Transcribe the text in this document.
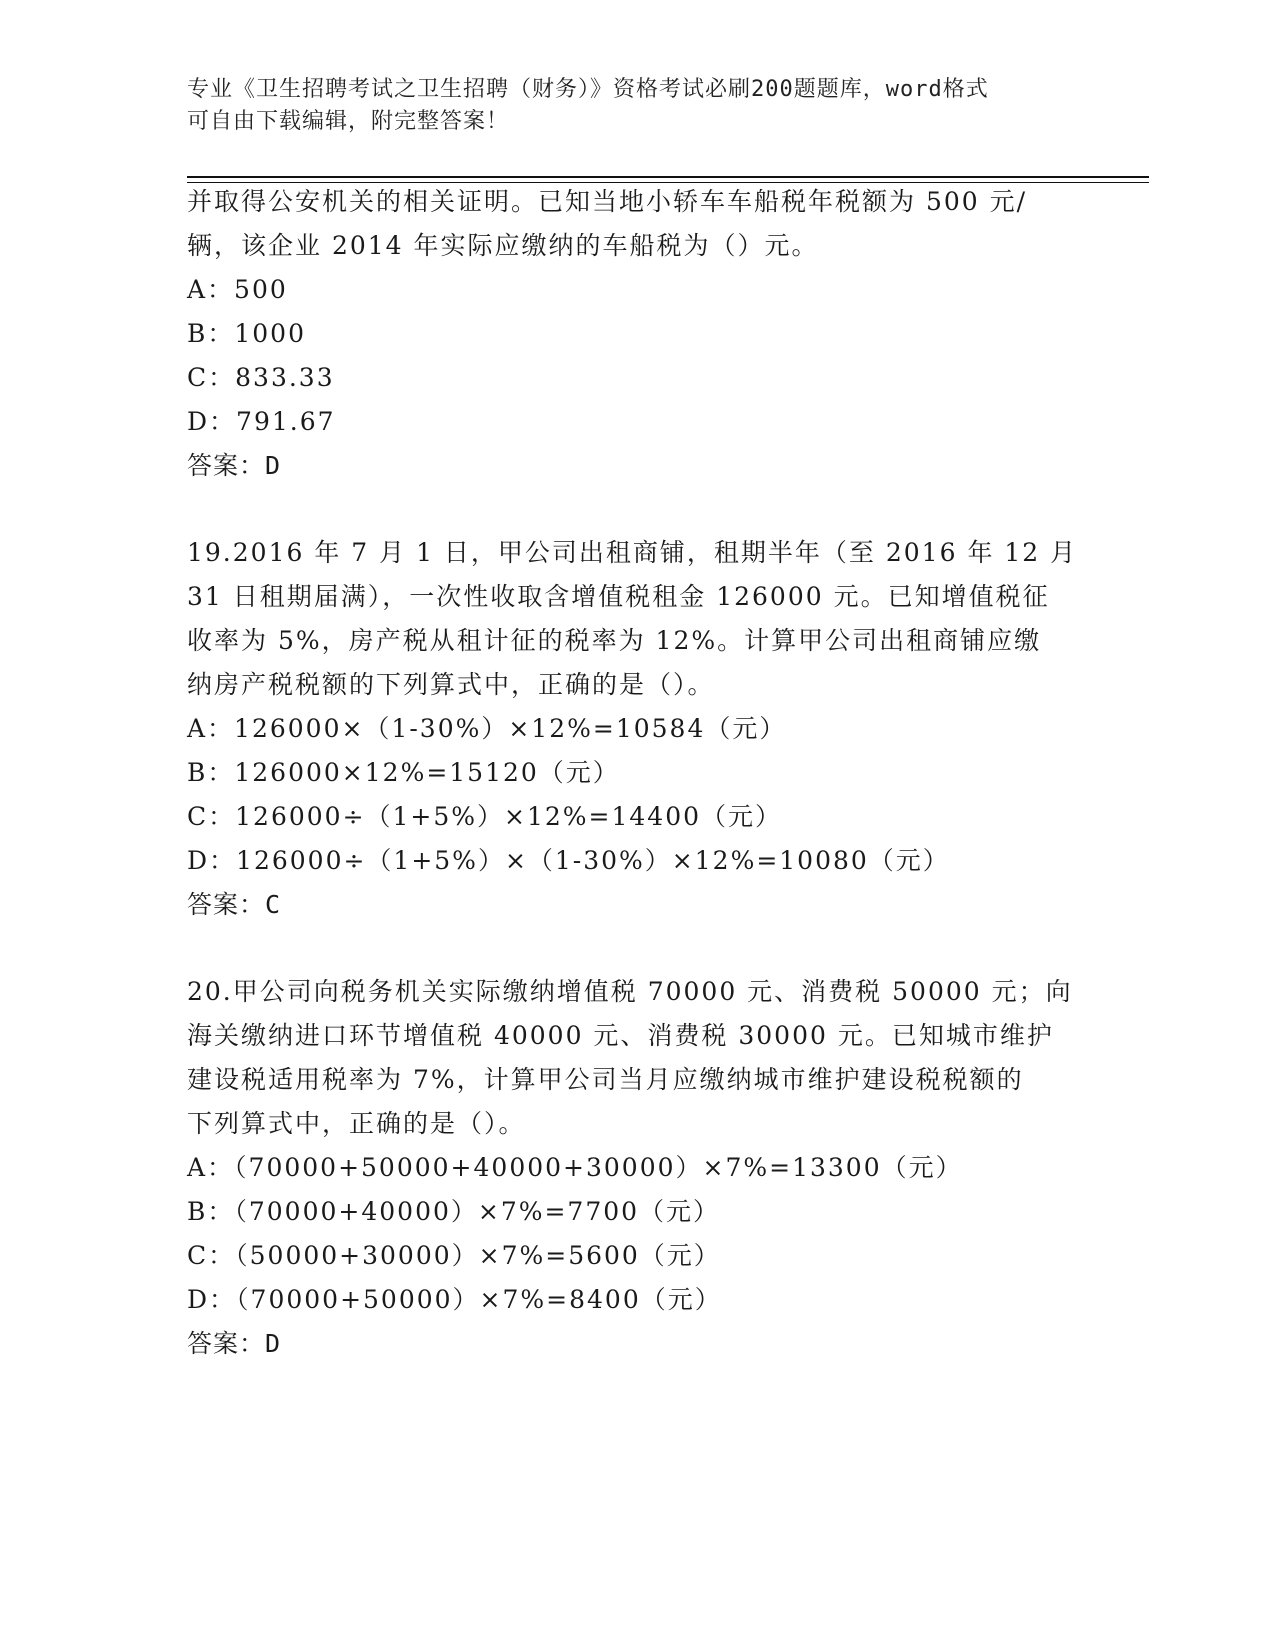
专业《卫生招聘考试之卫生招聘（财务）》资格考试必刷200题题库，word格式
可自由下载编辑，附完整答案！
并取得公安机关的相关证明。已知当地小轿车车船税年税额为 500 元/
辆，该企业 2014 年实际应缴纳的车船税为（）元。
A：500
B：1000
C：833.33
D：791.67
答案：D
19.2016 年 7 月 1 日，甲公司出租商铺，租期半年（至 2016 年 12 月
31 日租期届满），一次性收取含增值税租金 126000 元。已知增值税征
收率为 5%，房产税从租计征的税率为 12%。计算甲公司出租商铺应缴
纳房产税税额的下列算式中，正确的是（）。
A：126000×（1-30%）×12%=10584（元）
B：126000×12%=15120（元）
C：126000÷（1+5%）×12%=14400（元）
D：126000÷（1+5%）×（1-30%）×12%=10080（元）
答案：C
20.甲公司向税务机关实际缴纳增值税 70000 元、消费税 50000 元；向
海关缴纳进口环节增值税 40000 元、消费税 30000 元。已知城市维护
建设税适用税率为 7%，计算甲公司当月应缴纳城市维护建设税税额的
下列算式中，正确的是（）。
A：（70000+50000+40000+30000）×7%=13300（元）
B：（70000+40000）×7%=7700（元）
C：（50000+30000）×7%=5600（元）
D：（70000+50000）×7%=8400（元）
答案：D
